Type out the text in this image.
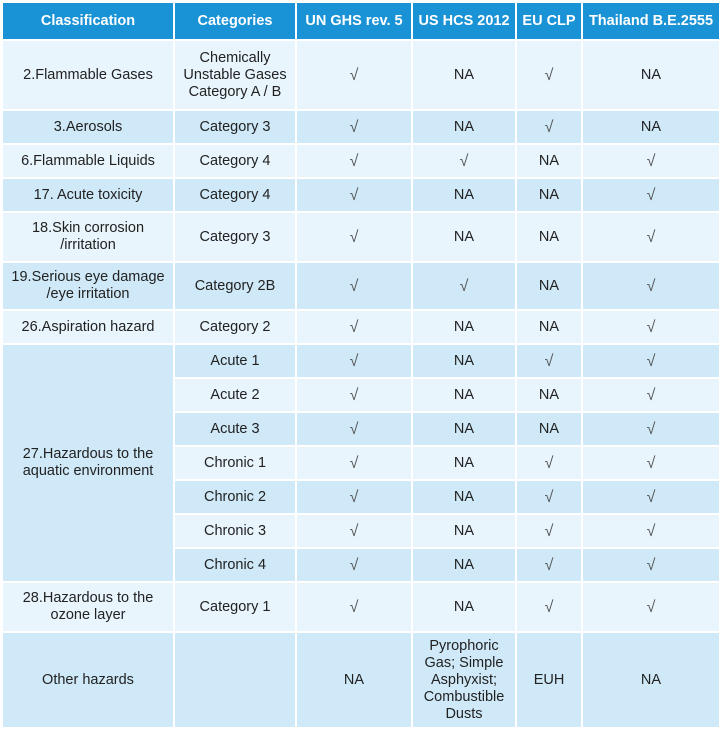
Classification	Categories	UN GHS rev. 5	US HCS 2012	EU CLP	Thailand B.E.2555
2.Flammable Gases	Chemically Unstable Gases Category A / B	√	NA	√	NA
3.Aerosols	Category 3	√	NA	√	NA
6.Flammable Liquids	Category 4	√	√	NA	√
17. Acute toxicity	Category 4	√	NA	NA	√
18.Skin corrosion /irritation	Category 3	√	NA	NA	√
19.Serious eye damage /eye irritation	Category 2B	√	√	NA	√
26.Aspiration hazard	Category 2	√	NA	NA	√
27.Hazardous to the aquatic environment	Acute 1	√	NA	√	√
	Acute 2	√	NA	NA	√
	Acute 3	√	NA	NA	√
	Chronic 1	√	NA	√	√
	Chronic 2	√	NA	√	√
	Chronic 3	√	NA	√	√
	Chronic 4	√	NA	√	√
28.Hazardous to the ozone layer	Category 1	√	NA	√	√
Other hazards		NA	Pyrophoric Gas; Simple Asphyxist; Combustible Dusts	EUH	NA
